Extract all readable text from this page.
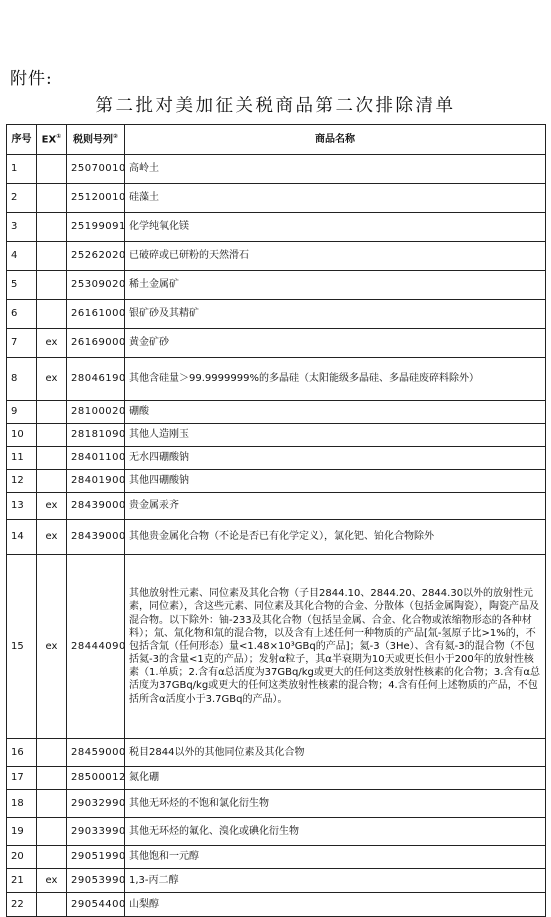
附件:
第二批对美加征关税商品第二次排除清单
序号	EX①	税则号列②	商品名称
1		25070010	高岭土
2		25120010	硅藻土
3		25199091	化学纯氧化镁
4		25262020	已破碎或已研粉的天然滑石
5		25309020	稀土金属矿
6		26161000	银矿砂及其精矿
7	ex	26169000	黄金矿砂
8	ex	28046190	其他含硅量＞99.9999999%的多晶硅（太阳能级多晶硅、多晶硅废碎料除外）
9		28100020	硼酸
10		28181090	其他人造刚玉
11		28401100	无水四硼酸钠
12		28401900	其他四硼酸钠
13	ex	28439000	贵金属汞齐
14	ex	28439000	其他贵金属化合物（不论是否已有化学定义），氯化钯、铂化合物除外
15	ex	28444090	其他放射性元素、同位素及其化合物（子目2844.10、2844.20、2844.30以外的放射性元素，同位素），含这些元素、同位素及其化合物的合金、分散体（包括金属陶瓷），陶瓷产品及混合物。以下除外：铀-233及其化合物（包括呈金属、合金、化合物或浓缩物形态的各种材料）；氚、氚化物和氚的混合物，以及含有上述任何一种物质的产品[氚-氢原子比>1%的，不包括含氚（任何形态）量<1.48×10³GBq的产品]；氦-3（3He）、含有氦-3的混合物（不包括氦-3的含量<1克的产品）；发射α粒子，其α半衰期为10天或更长但小于200年的放射性核素（1.单质；2.含有α总活度为37GBq/kg或更大的任何这类放射性核素的化合物；3.含有α总活度为37GBq/kg或更大的任何这类放射性核素的混合物；4.含有任何上述物质的产品，不包括所含α活度小于3.7GBq的产品）。
16		28459000	税目2844以外的其他同位素及其化合物
17		28500012	氮化硼
18		29032990	其他无环烃的不饱和氯化衍生物
19		29033990	其他无环烃的氟化、溴化或碘化衍生物
20		29051990	其他饱和一元醇
21	ex	29053990	1,3-丙二醇
22		29054400	山梨醇
